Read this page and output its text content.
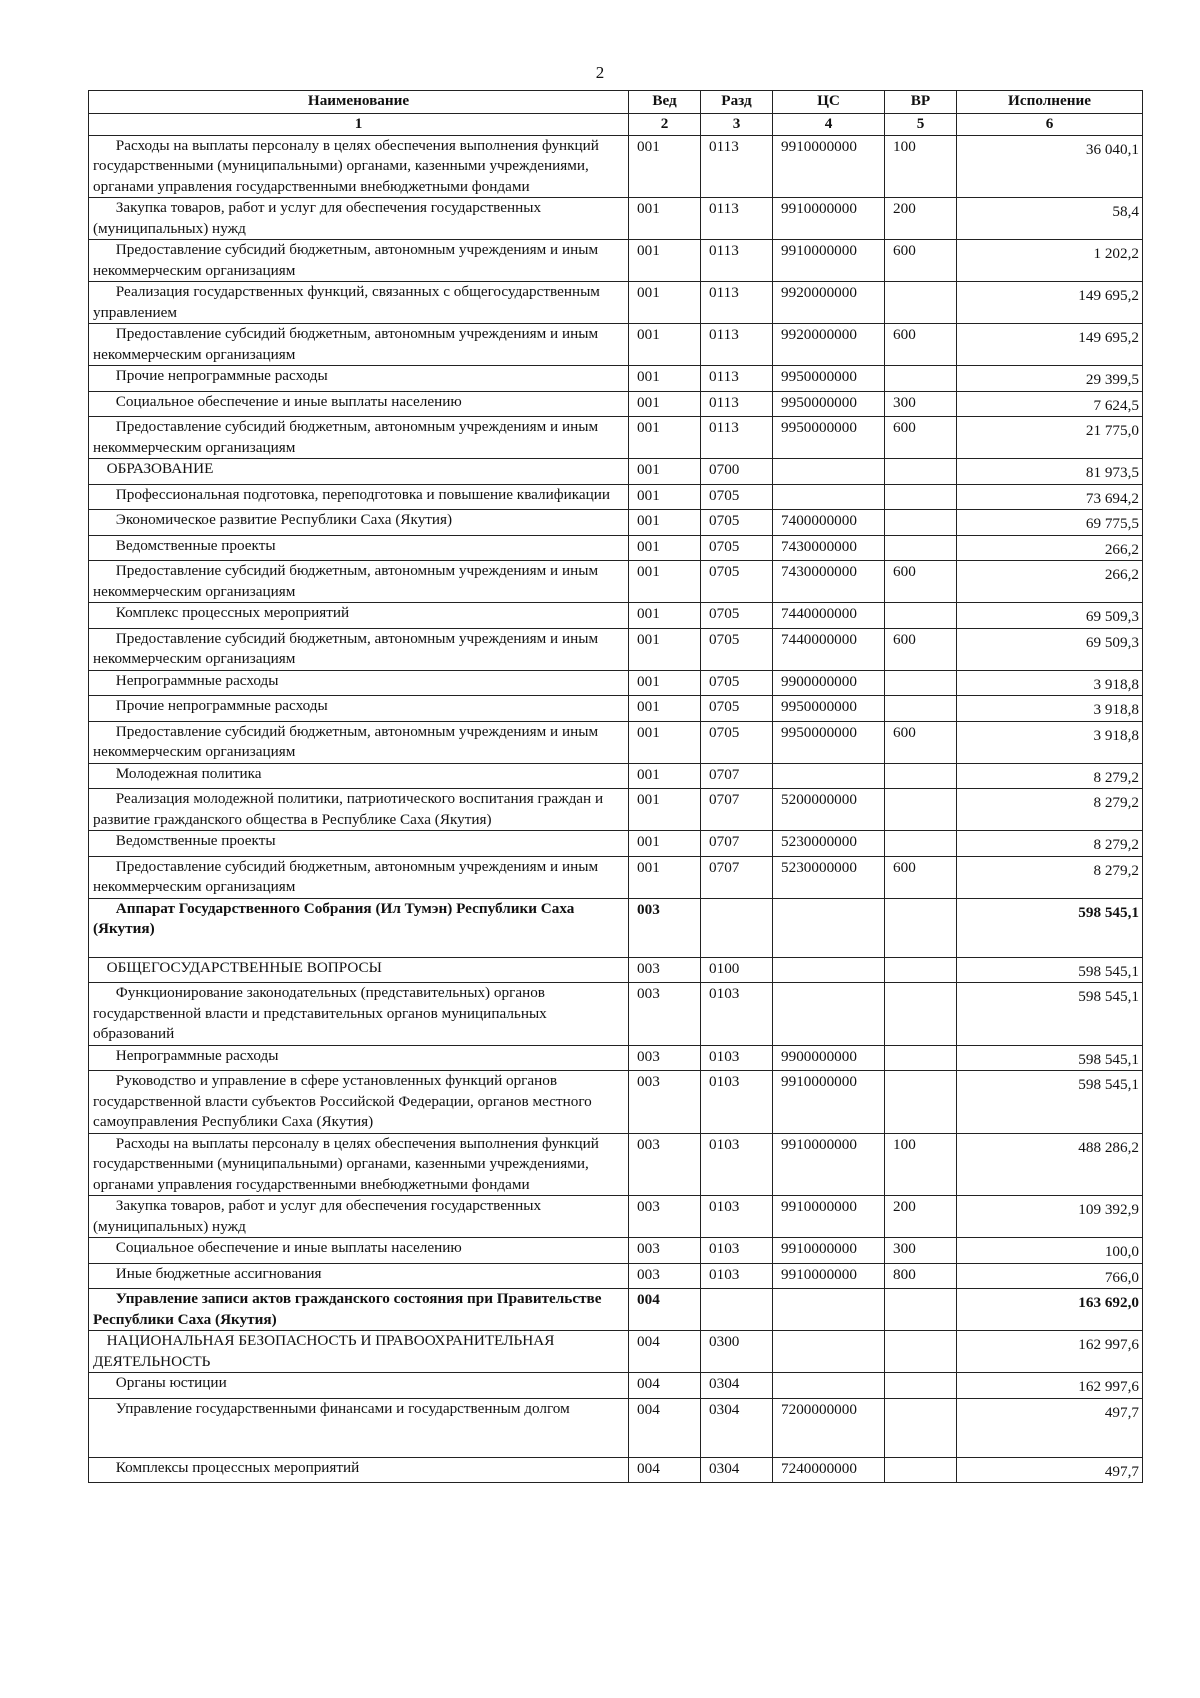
2
Наименование	Вед	Разд	ЦС	ВР	Исполнение
1	2	3	4	5	6
Расходы на выплаты персоналу в целях обеспечения выполнения функций государственными (муниципальными) органами, казенными учреждениями, органами управления государственными внебюджетными фондами	001	0113	9910000000	100	36 040,1
Закупка товаров, работ и услуг для обеспечения государственных (муниципальных) нужд	001	0113	9910000000	200	58,4
Предоставление субсидий бюджетным, автономным учреждениям и иным некоммерческим организациям	001	0113	9910000000	600	1 202,2
Реализация государственных функций, связанных с общегосударственным управлением	001	0113	9920000000		149 695,2
Предоставление субсидий бюджетным, автономным учреждениям и иным некоммерческим организациям	001	0113	9920000000	600	149 695,2
Прочие непрограммные расходы	001	0113	9950000000		29 399,5
Социальное обеспечение и иные выплаты населению	001	0113	9950000000	300	7 624,5
Предоставление субсидий бюджетным, автономным учреждениям и иным некоммерческим организациям	001	0113	9950000000	600	21 775,0
ОБРАЗОВАНИЕ	001	0700			81 973,5
Профессиональная подготовка, переподготовка и повышение квалификации	001	0705			73 694,2
Экономическое развитие Республики Саха (Якутия)	001	0705	7400000000		69 775,5
Ведомственные проекты	001	0705	7430000000		266,2
Предоставление субсидий бюджетным, автономным учреждениям и иным некоммерческим организациям	001	0705	7430000000	600	266,2
Комплекс процессных мероприятий	001	0705	7440000000		69 509,3
Предоставление субсидий бюджетным, автономным учреждениям и иным некоммерческим организациям	001	0705	7440000000	600	69 509,3
Непрограммные расходы	001	0705	9900000000		3 918,8
Прочие непрограммные расходы	001	0705	9950000000		3 918,8
Предоставление субсидий бюджетным, автономным учреждениям и иным некоммерческим организациям	001	0705	9950000000	600	3 918,8
Молодежная политика	001	0707			8 279,2
Реализация молодежной политики, патриотического воспитания граждан и развитие гражданского общества в Республике Саха (Якутия)	001	0707	5200000000		8 279,2
Ведомственные проекты	001	0707	5230000000		8 279,2
Предоставление субсидий бюджетным, автономным учреждениям и иным некоммерческим организациям	001	0707	5230000000	600	8 279,2
Аппарат Государственного Собрания (Ил Тумэн) Республики Саха (Якутия)	003				598 545,1
ОБЩЕГОСУДАРСТВЕННЫЕ ВОПРОСЫ	003	0100			598 545,1
Функционирование законодательных (представительных) органов государственной власти и представительных органов муниципальных образований	003	0103			598 545,1
Непрограммные расходы	003	0103	9900000000		598 545,1
Руководство и управление в сфере установленных функций органов государственной власти субъектов Российской Федерации, органов местного самоуправления Республики Саха (Якутия)	003	0103	9910000000		598 545,1
Расходы на выплаты персоналу в целях обеспечения выполнения функций государственными (муниципальными) органами, казенными учреждениями, органами управления государственными внебюджетными фондами	003	0103	9910000000	100	488 286,2
Закупка товаров, работ и услуг для обеспечения государственных (муниципальных) нужд	003	0103	9910000000	200	109 392,9
Социальное обеспечение и иные выплаты населению	003	0103	9910000000	300	100,0
Иные бюджетные ассигнования	003	0103	9910000000	800	766,0
Управление записи актов гражданского состояния при Правительстве Республики Саха (Якутия)	004				163 692,0
НАЦИОНАЛЬНАЯ БЕЗОПАСНОСТЬ И ПРАВООХРАНИТЕЛЬНАЯ ДЕЯТЕЛЬНОСТЬ	004	0300			162 997,6
Органы юстиции	004	0304			162 997,6
Управление государственными финансами и государственным долгом	004	0304	7200000000		497,7
Комплексы процессных мероприятий	004	0304	7240000000		497,7
